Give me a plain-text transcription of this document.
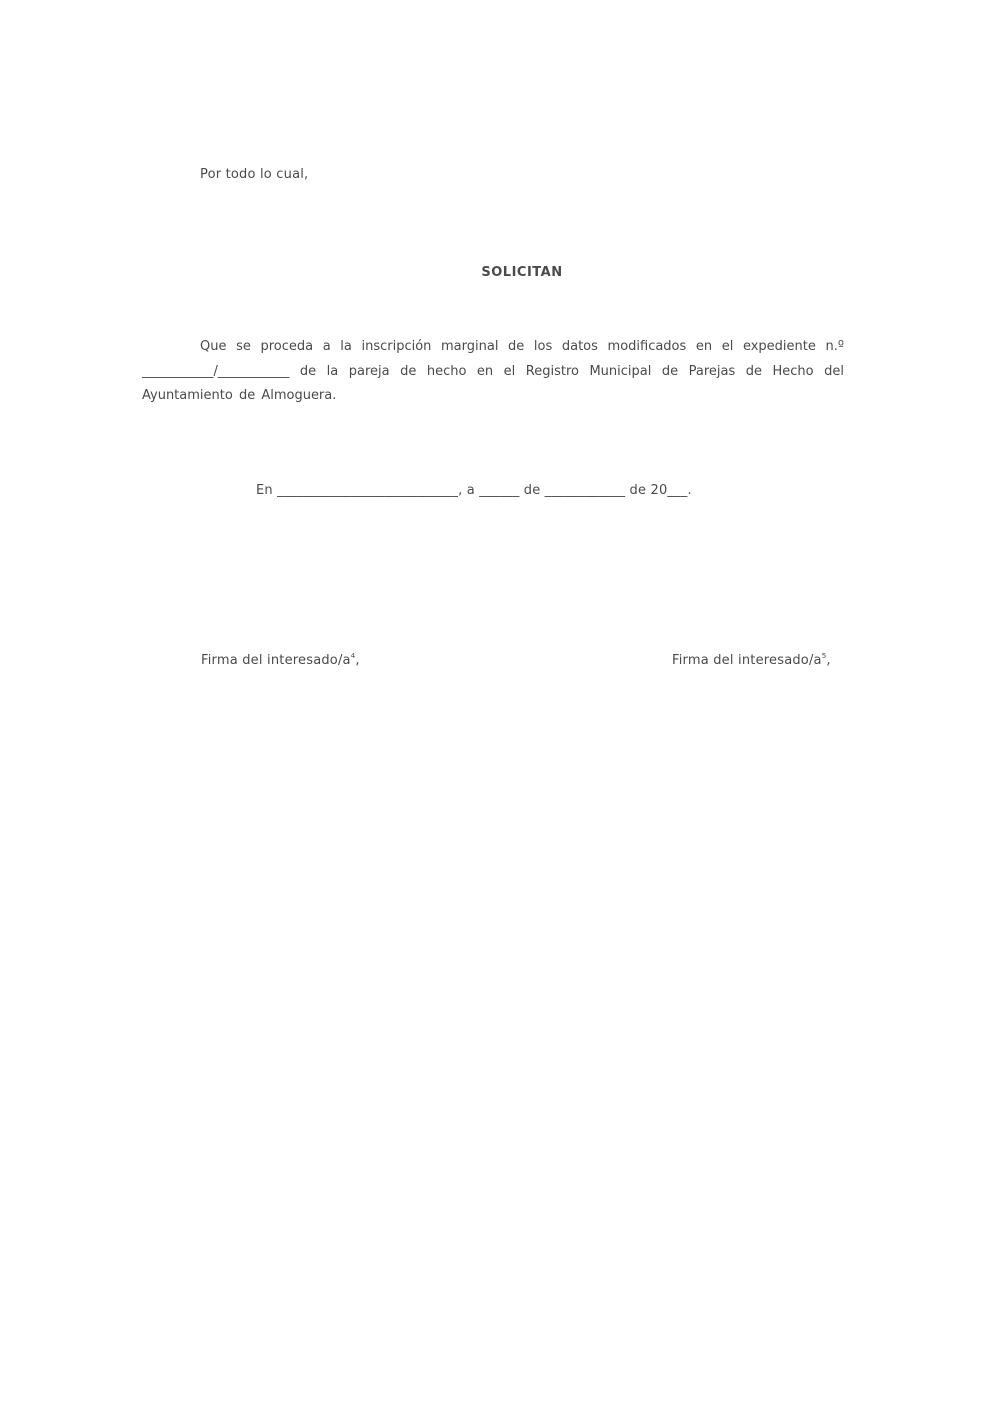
Por todo lo cual,
SOLICITAN
Que se proceda a la inscripción marginal de los datos modificados en el expediente n.º ___________/___________ de la pareja de hecho en el Registro Municipal de Parejas de Hecho del Ayuntamiento de Almoguera.
En ___________________________, a ______ de ____________ de 20___.
Firma del interesado/$a^4$,	Firma del interesado/$a^5$,
